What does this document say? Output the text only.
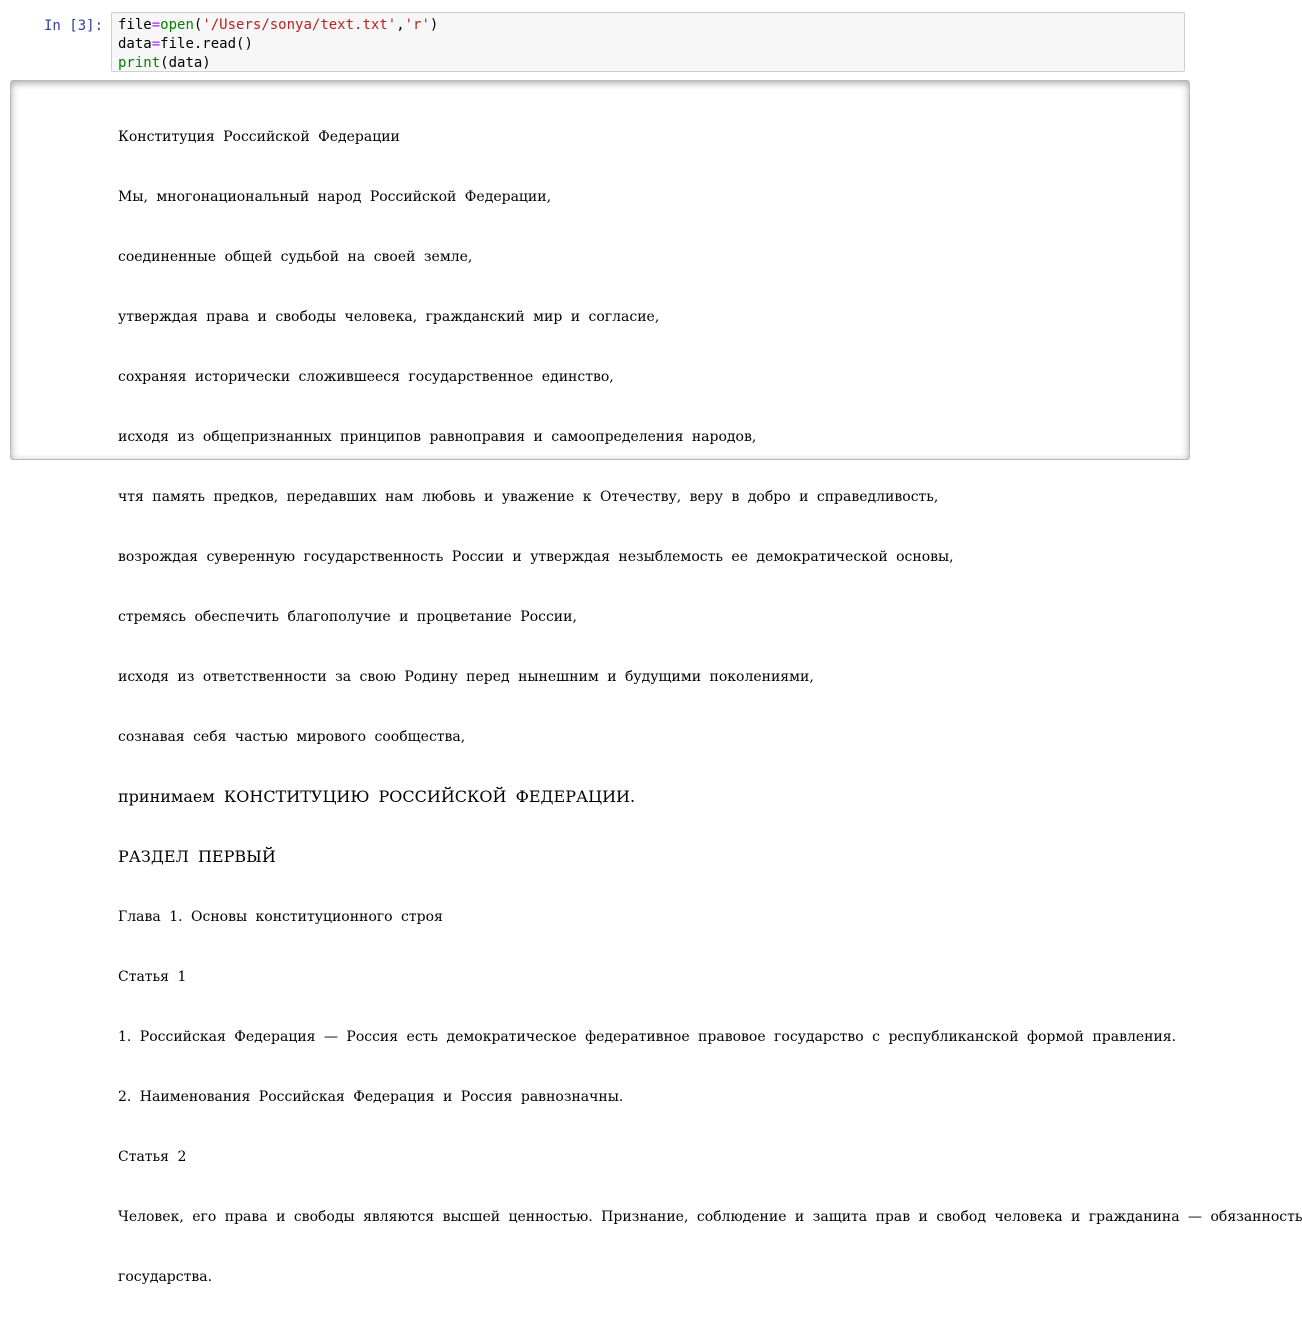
In [3]: file=open('/Users/sonya/text.txt','r')
data=file.read()
print(data)

Конституция Российской Федерации

Мы, многонациональный народ Российской Федерации,

соединенные общей судьбой на своей земле,

утверждая права и свободы человека, гражданский мир и согласие,

сохраняя исторически сложившееся государственное единство,

исходя из общепризнанных принципов равноправия и самоопределения народов,

чтя память предков, передавших нам любовь и уважение к Отечеству, веру в добро и справедливость,

возрождая суверенную государственность России и утверждая незыблемость ее демократической основы,

стремясь обеспечить благополучие и процветание России,

исходя из ответственности за свою Родину перед нынешним и будущими поколениями,

сознавая себя частью мирового сообщества,

принимаем КОНСТИТУЦИЮ РОССИЙСКОЙ ФЕДЕРАЦИИ.

РАЗДЕЛ ПЕРВЫЙ

Глава 1. Основы конституционного строя

Статья 1

1. Российская Федерация — Россия есть демократическое федеративное правовое государство с республиканской формой правления.

2. Наименования Российская Федерация и Россия равнозначны.

Статья 2

Человек, его права и свободы являются высшей ценностью. Признание, соблюдение и защита прав и свобод человека и гражданина — обязанность

государства.
